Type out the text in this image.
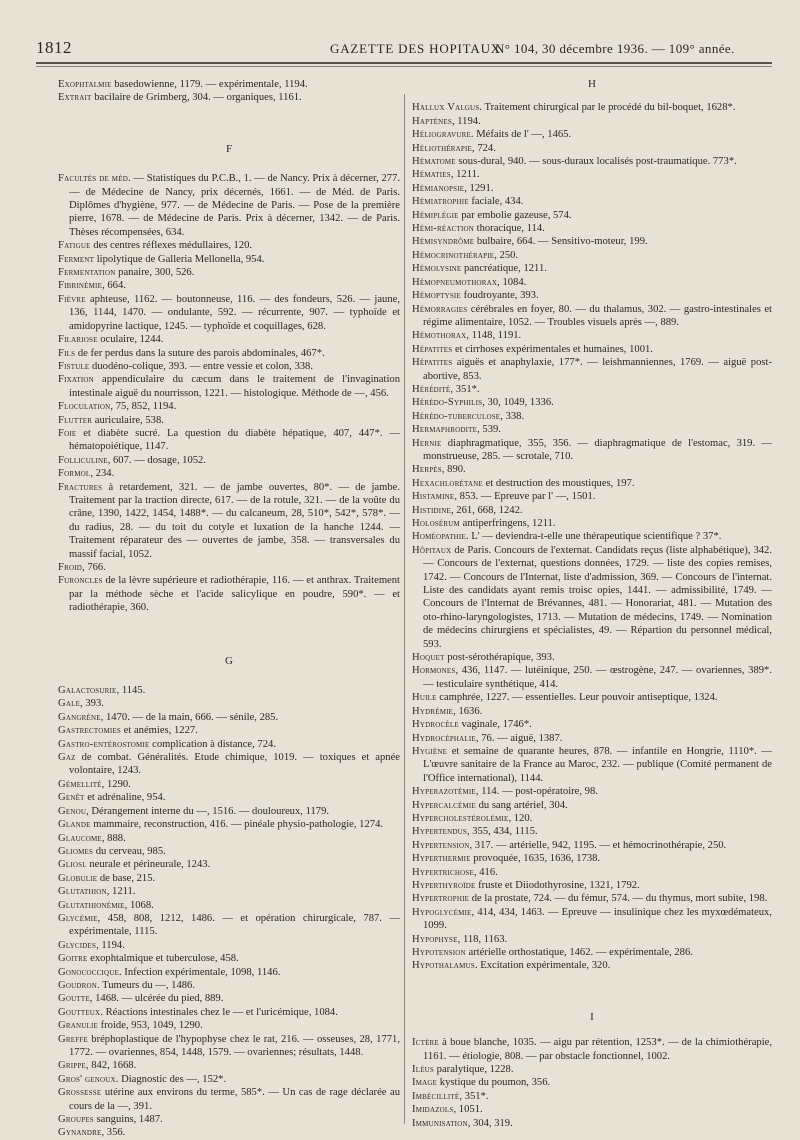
1812	GAZETTE DES HOPITAUX
N° 104, 30 décembre 1936. — 109° année.

Exophtalmie basedowienne, 1179. — expérimentale, 1194.

Extrait bacilaire de Grimberg, 304. — organiques, 1161.

F

Facultés de méd. — Statistiques du P.C.B., 1. — de Nancy. Prix à décerner, 277. — de Médecine de Nancy, prix décernés, 1661. — de Méd. de Paris. Diplômes d'hygiène, 977. — de Médecine de Paris. — Pose de la première pierre, 1678. — de Médecine de Paris. Prix à décerner, 1342. — de Paris. Thèses récompensées, 634.

Fatigue des centres réflexes médullaires, 120.

Ferment lipolytique de Galleria Mellonella, 954.

Fermentation panaire, 300, 526.

Fibrinémie, 664.

Fièvre aphteuse, 1162. — boutonneuse, 116. — des fondeurs, 526. — jaune, 136, 1144, 1470. — ondulante, 592. — récurrente, 907. — typhoïde et amidopyrine lactique, 1245. — typhoïde et coquillages, 628.

Filariose oculaire, 1244.

Fils de fer perdus dans la suture des parois abdominales, 467*.

Fistule duodéno-colique, 393. — entre vessie et colon, 338.

Fixation appendiculaire du cæcum dans le traitement de l'invagination intestinale aiguë du nourrisson, 1221. — histologique. Méthode de —, 456.

Floculation, 75, 852, 1194.

Flutter auriculaire, 538.

Foie et diabète sucré. La question du diabète hépatique, 407, 447*. — hématopoiétique, 1147.

Folliculine, 607. — dosage, 1052.

Formol, 234.

Fractures à retardement, 321. — de jambe ouvertes, 80*. — de jambe. Traitement par la traction directe, 617. — de la rotule, 321. — de la voûte du crâne, 1390, 1422, 1454, 1488*. — du calcaneum, 28, 510*, 542*, 578*. — du radius, 28. — du toit du cotyle et luxation de la hanche 1244. — Traitement réparateur des — ouvertes de jambe, 358. — transversales du massif facial, 1052.

Froid, 766.

Furoncles de la lèvre supérieure et radiothérapie, 116. — et anthrax. Traitement par la méthode sèche et l'acide salicylique en poudre, 590*. — et radiothérapie, 360.

G

Galactosurie, 1145.

Gale, 393.

Gangrène, 1470. — de la main, 666. — sénile, 285.

Gastrectomies et anémies, 1227.

Gastro-entérostomie complication à distance, 724.

Gaz de combat. Généralités. Etude chimique, 1019. — toxiques et apnée volontaire, 1243.

Gémellité, 1290.

Genêt et adrénaline, 954.

Genou, Dérangement interne du —, 1516. — douloureux, 1179.

Glande mammaire, reconstruction, 416. — pinéale physio-pathologie, 1274.

Glaucome, 888.

Gliomes du cerveau, 985.

Gliosl neurale et périneurale, 1243.

Globulie de base, 215.

Glutathion, 1211.

Glutathionémie, 1068.

Glycémie, 458, 808, 1212, 1486. — et opération chirurgicale, 787. — expérimentale, 1115.

Glycides, 1194.

Goitre exophtalmique et tuberculose, 458.

Gonococcique. Infection expérimentale, 1098, 1146.

Goudron. Tumeurs du —, 1486.

Goutte, 1468. — ulcérée du pied, 889.

Goutteux. Réactions intestinales chez le — et l'uricémique, 1084.

Granulie froide, 953, 1049, 1290.

Greffe bréphoplastique de l'hypophyse chez le rat, 216. — osseuses, 28, 1771, 1772. — ovariennes, 854, 1448, 1579. — ovariennes; résultats, 1448.

Grippe, 842, 1668.

Gros' genoux. Diagnostic des —, 152*.

Grossesse utérine aux environs du terme, 585*. — Un cas de rage déclarée au cours de la —, 391.

Groupes sanguins, 1487.

Gynandre, 356.

H

Hallux Valgus. Traitement chirurgical par le procédé du bil-boquet, 1628*.

Haptènes, 1194.

Héliogravure. Méfaits de l' —, 1465.

Héliothérapie, 724.

Hématome sous-dural, 940. — sous-duraux localisés post-traumatique. 773*.

Hématies, 1211.

Hémianopsie, 1291.

Hémiatrophie faciale, 434.

Hémiplégie par embolie gazeuse, 574.

Hémi-réaction thoracique, 114.

Hémisyndrôme bulbaire, 664. — Sensitivo-moteur, 199.

Hémocrinothérapie, 250.

Hémolysine pancréatique, 1211.

Hémopneumothorax, 1084.

Hémoptysie foudroyante, 393.

Hémorragies cérébrales en foyer, 80. — du thalamus, 302. — gastro-intestinales et régime alimentaire, 1052. — Troubles visuels après —, 889.

Hémothorax, 1148, 1191.

Hépatites et cirrhoses expérimentales et humaines, 1001.

Hépatites aiguës et anaphylaxie, 177*. — leishmanniennes, 1769. — aiguë post-abortive, 853.

Hérédité, 351*.

Hérédo-Syphilis, 30, 1049, 1336.

Hérédo-tuberculose, 338.

Hermaphrodite, 539.

Hernie diaphragmatique, 355, 356. — diaphragmatique de l'estomac, 319. — monstrueuse, 285. — scrotale, 710.

Herpès, 890.

Hexachlorétane et destruction des moustiques, 197.

Histamine, 853. — Epreuve par l' —, 1501.

Histidine, 261, 668, 1242.

Holosérum antiperfringens, 1211.

Homéopathie. L' — deviendra-t-elle une thérapeutique scientifique ? 37*.

Hôpitaux de Paris. Concours de l'externat. Candidats reçus (liste alphabétique), 342. — Concours de l'externat, questions données, 1729. — liste des copies remises, 1742. — Concours de l'Internat, liste d'admission, 369. — Concours de l'internat. Liste des candidats ayant remis troisc opies, 1441. — admissibilité, 1749. — Concours de l'Internat de Brévannes, 481. — Honorariat, 481. — Mutation des oto-rhino-laryngologistes, 1713. — Mutation de médecins, 1749. — Nomination de médecins chirurgiens et spécialistes, 49. — Répartion du personnel médical, 593.

Hoquet post-sérothérapique, 393.

Hormones, 436, 1147. — lutéinique, 250. — œstrogène, 247. — ovariennes, 389*. — testiculaire synthétique, 414.

Huile camphrée, 1227. — essentielles. Leur pouvoir antiseptique, 1324.

Hydrémie, 1636.

Hydrocèle vaginale, 1746*.

Hydrocéphalie, 76. — aiguë, 1387.

Hygiène et semaine de quarante heures, 878. — infantile en Hongrie, 1110*. — L'œuvre sanitaire de la France au Maroc, 232. — publique (Comité permanent de l'Office international), 1144.

Hyperazotémie, 114. — post-opératoire, 98.

Hypercalcémie du sang artériel, 304.

Hypercholestérolémie, 120.

Hypertendus, 355, 434, 1115.

Hypertension, 317. — artérielle, 942, 1195. — et hémocrinothérapie, 250.

Hyperthermie provoquée, 1635, 1636, 1738.

Hypertrichose, 416.

Hyperthyroïde fruste et Diiodothyrosine, 1321, 1792.

Hypertrophie de la prostate, 724. — du fémur, 574. — du thymus, mort subite, 198.

Hypoglycémie, 414, 434, 1463. — Epreuve — insulinique chez les myxœdémateux, 1099.

Hypophyse, 118, 1163.

Hypotension artérielle orthostatique, 1462. — expérimentale, 286.

Hypothalamus. Excitation expérimentale, 320.

I

Ictère à boue blanche, 1035. — aigu par rétention, 1253*. — de la chimiothérapie, 1161. — étiologie, 808. — par obstacle fonctionnel, 1002.

Iléus paralytique, 1228.

Image kystique du poumon, 356.

Imbécillité, 351*.

Imidazols, 1051.

Immunisation, 304, 319.
